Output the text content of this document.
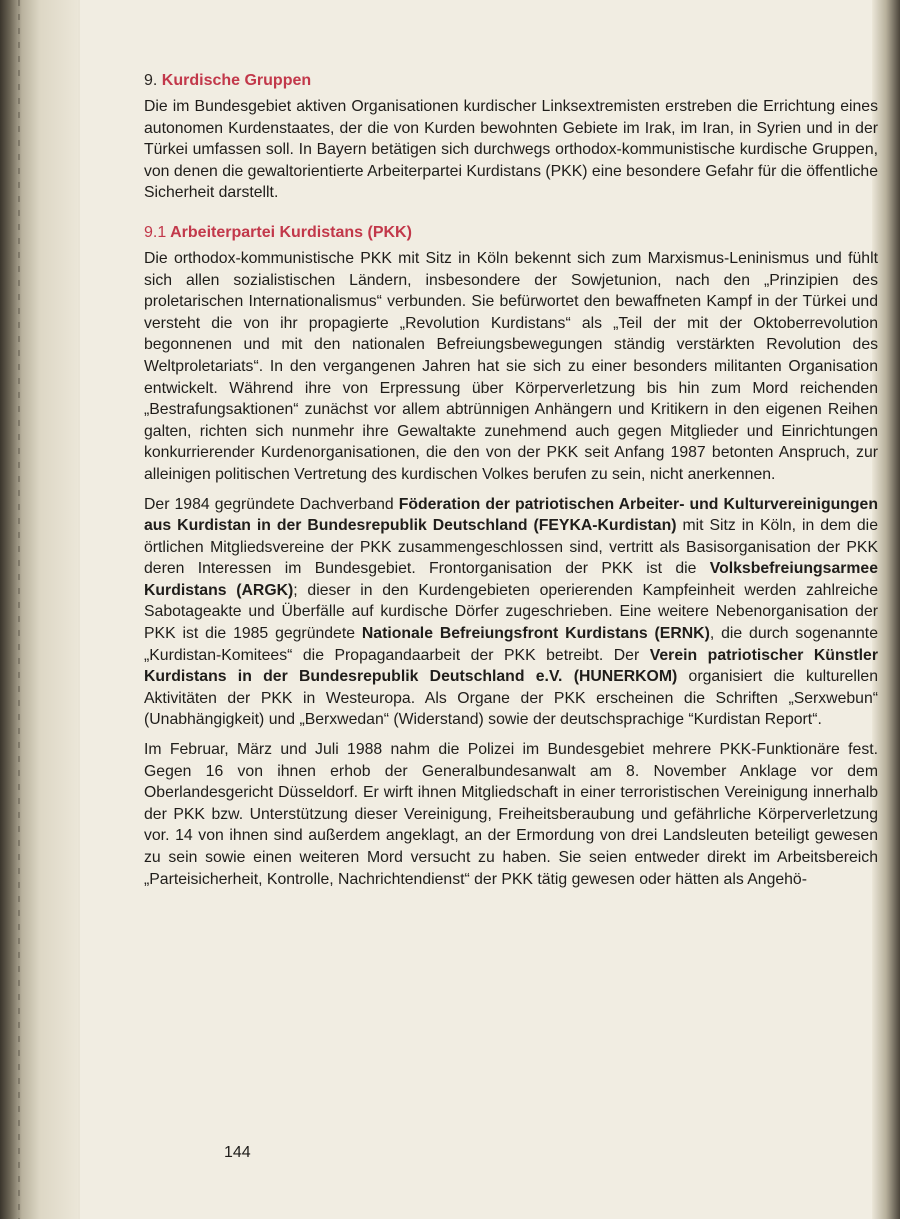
9. Kurdische Gruppen

Die im Bundesgebiet aktiven Organisationen kurdischer Linksextremisten erstreben die Errichtung eines autonomen Kurdenstaates, der die von Kurden bewohnten Gebiete im Irak, im Iran, in Syrien und in der Türkei umfassen soll. In Bayern betätigen sich durchwegs orthodox-kommunistische kurdische Gruppen, von denen die gewaltorientierte Arbeiterpartei Kurdistans (PKK) eine besondere Gefahr für die öffentliche Sicherheit darstellt.

9.1 Arbeiterpartei Kurdistans (PKK)

Die orthodox-kommunistische PKK mit Sitz in Köln bekennt sich zum Marxismus-Leninismus und fühlt sich allen sozialistischen Ländern, insbesondere der Sowjetunion, nach den „Prinzipien des proletarischen Internationalismus“ verbunden. Sie befürwortet den bewaffneten Kampf in der Türkei und versteht die von ihr propagierte „Revolution Kurdistans“ als „Teil der mit der Oktoberrevolution begonnenen und mit den nationalen Befreiungsbewegungen ständig verstärkten Revolution des Weltproletariats“. In den vergangenen Jahren hat sie sich zu einer besonders militanten Organisation entwickelt. Während ihre von Erpressung über Körperverletzung bis hin zum Mord reichenden „Bestrafungsaktionen“ zunächst vor allem abtrünnigen Anhängern und Kritikern in den eigenen Reihen galten, richten sich nunmehr ihre Gewaltakte zunehmend auch gegen Mitglieder und Einrichtungen konkurrierender Kurdenorganisationen, die den von der PKK seit Anfang 1987 betonten Anspruch, zur alleinigen politischen Vertretung des kurdischen Volkes berufen zu sein, nicht anerkennen.

Der 1984 gegründete Dachverband Föderation der patriotischen Arbeiter- und Kulturvereinigungen aus Kurdistan in der Bundesrepublik Deutschland (FEYKA-Kurdistan) mit Sitz in Köln, in dem die örtlichen Mitgliedsvereine der PKK zusammengeschlossen sind, vertritt als Basisorganisation der PKK deren Interessen im Bundesgebiet. Frontorganisation der PKK ist die Volksbefreiungsarmee Kurdistans (ARGK); dieser in den Kurdengebieten operierenden Kampfeinheit werden zahlreiche Sabotageakte und Überfälle auf kurdische Dörfer zugeschrieben. Eine weitere Nebenorganisation der PKK ist die 1985 gegründete Nationale Befreiungsfront Kurdistans (ERNK), die durch sogenannte „Kurdistan-Komitees“ die Propagandaarbeit der PKK betreibt. Der Verein patriotischer Künstler Kurdistans in der Bundesrepublik Deutschland e.V. (HUNERKOM) organisiert die kulturellen Aktivitäten der PKK in Westeuropa. Als Organe der PKK erscheinen die Schriften „Serxwebun“ (Unabhängigkeit) und „Berxwedan“ (Widerstand) sowie der deutschsprachige “Kurdistan Report“.

Im Februar, März und Juli 1988 nahm die Polizei im Bundesgebiet mehrere PKK-Funktionäre fest. Gegen 16 von ihnen erhob der Generalbundesanwalt am 8. November Anklage vor dem Oberlandesgericht Düsseldorf. Er wirft ihnen Mitgliedschaft in einer terroristischen Vereinigung innerhalb der PKK bzw. Unterstützung dieser Vereinigung, Freiheitsberaubung und gefährliche Körperverletzung vor. 14 von ihnen sind außerdem angeklagt, an der Ermordung von drei Landsleuten beteiligt gewesen zu sein sowie einen weiteren Mord versucht zu haben. Sie seien entweder direkt im Arbeitsbereich „Parteisicherheit, Kontrolle, Nachrichtendienst“ der PKK tätig gewesen oder hätten als Angehö-

144
